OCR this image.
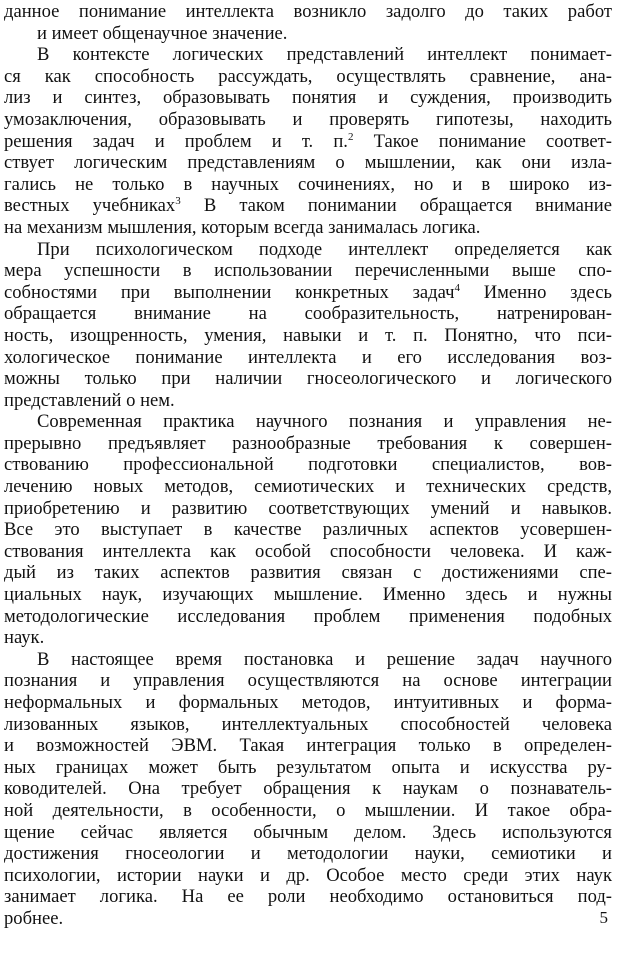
данное понимание интеллекта возникло задолго до таких работ
и имеет общенаучное значение.
В контексте логических представлений интеллект понимает-
ся как способность рассуждать, осуществлять сравнение, ана-
лиз и синтез, образовывать понятия и суждения, производить
умозаключения, образовывать и проверять гипотезы, находить
решения задач и проблем и т. п.$^2$ Такое понимание соответ-
ствует логическим представлениям о мышлении, как они изла-
гались не только в научных сочинениях, но и в широко из-
вестных учебниках$^3$ В таком понимании обращается внимание
на механизм мышления, которым всегда занималась логика.
При психологическом подходе интеллект определяется как
мера успешности в использовании перечисленными выше спо-
собностями при выполнении конкретных задач$^4$ Именно здесь
обращается внимание на сообразительность, натренирован-
ность, изощренность, умения, навыки и т. п. Понятно, что пси-
хологическое понимание интеллекта и его исследования воз-
можны только при наличии гносеологического и логического
представлений о нем.
Современная практика научного познания и управления не-
прерывно предъявляет разнообразные требования к совершен-
ствованию профессиональной подготовки специалистов, вов-
лечению новых методов, семиотических и технических средств,
приобретению и развитию соответствующих умений и навыков.
Все это выступает в качестве различных аспектов усовершен-
ствования интеллекта как особой способности человека. И каж-
дый из таких аспектов развития связан с достижениями спе-
циальных наук, изучающих мышление. Именно здесь и нужны
методологические исследования проблем применения подобных
наук.
В настоящее время постановка и решение задач научного
познания и управления осуществляются на основе интеграции
неформальных и формальных методов, интуитивных и форма-
лизованных языков, интеллектуальных способностей человека
и возможностей ЭВМ. Такая интеграция только в определен-
ных границах может быть результатом опыта и искусства ру-
ководителей. Она требует обращения к наукам о познаватель-
ной деятельности, в особенности, о мышлении. И такое обра-
щение сейчас является обычным делом. Здесь используются
достижения гносеологии и методологии науки, семиотики и
психологии, истории науки и др. Особое место среди этих наук
занимает логика. На ее роли необходимо остановиться под-
робнее.	5
